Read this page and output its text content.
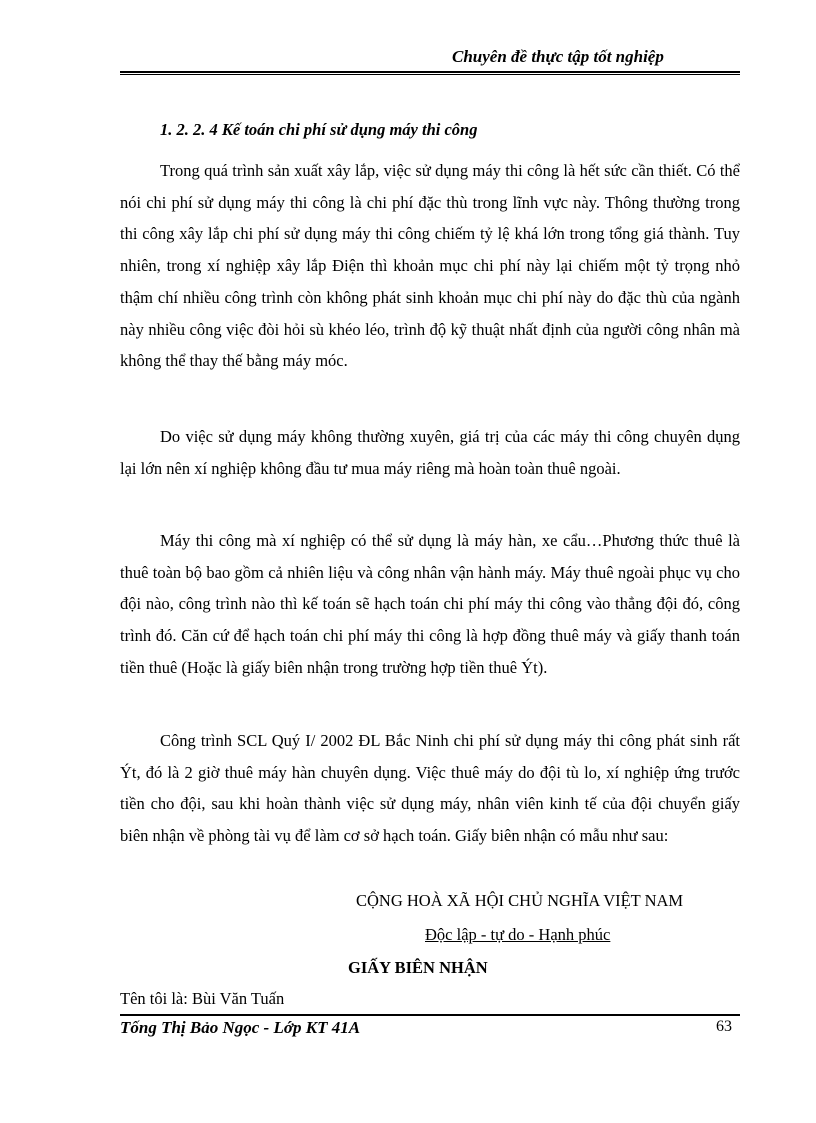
Chuyên đề thực tập tốt nghiệp
1. 2. 2. 4 Kế toán chi phí sử dụng máy thi công

Trong quá trình sản xuất xây lắp, việc sử dụng máy thi công là hết sức cần thiết. Có thể nói chi phí sử dụng máy thi công là chi phí đặc thù trong lĩnh vực này. Thông thường trong thi công xây lắp chi phí sử dụng máy thi công chiếm tỷ lệ khá lớn trong tổng giá thành. Tuy nhiên, trong xí nghiệp xây lắp Điện thì khoản mục chi phí này lại chiếm một tỷ trọng nhỏ thậm chí nhiều công trình còn không phát sinh khoản mục chi phí này do đặc thù của ngành này nhiều công việc đòi hỏi sù khéo léo, trình độ kỹ thuật nhất định của người công nhân mà không thể thay thế bằng máy móc.

Do việc sử dụng máy không thường xuyên, giá trị của các máy thi công chuyên dụng lại lớn nên xí nghiệp không đầu tư mua máy riêng mà hoàn toàn thuê ngoài.

Máy thi công mà xí nghiệp có thể sử dụng là máy hàn, xe cẩu…Phương thức thuê là thuê toàn bộ bao gồm cả nhiên liệu và công nhân vận hành máy. Máy thuê ngoài phục vụ cho đội nào, công trình nào thì kế toán sẽ hạch toán chi phí máy thi công vào thẳng đội đó, công trình đó. Căn cứ để hạch toán chi phí máy thi công là hợp đồng thuê máy và giấy thanh toán tiền thuê (Hoặc là giấy biên nhận trong trường hợp tiền thuê Ýt).

Công trình SCL Quý I/ 2002 ĐL Bắc Ninh chi phí sử dụng máy thi công phát sinh rất Ýt, đó là 2 giờ thuê máy hàn chuyên dụng. Việc thuê máy do đội tù lo, xí nghiệp ứng trước tiền cho đội, sau khi hoàn thành việc sử dụng máy, nhân viên kinh tế của đội chuyển giấy biên nhận về phòng tài vụ để làm cơ sở hạch toán. Giấy biên nhận có mẫu như sau:

CỘNG HOÀ XÃ HỘI CHỦ NGHĨA VIỆT NAM
Độc lập - tự do - Hạnh phúc
GIẤY BIÊN NHẬN
Tên tôi là: Bùi Văn Tuấn
Tống Thị Bảo Ngọc - Lớp KT 41A	63
